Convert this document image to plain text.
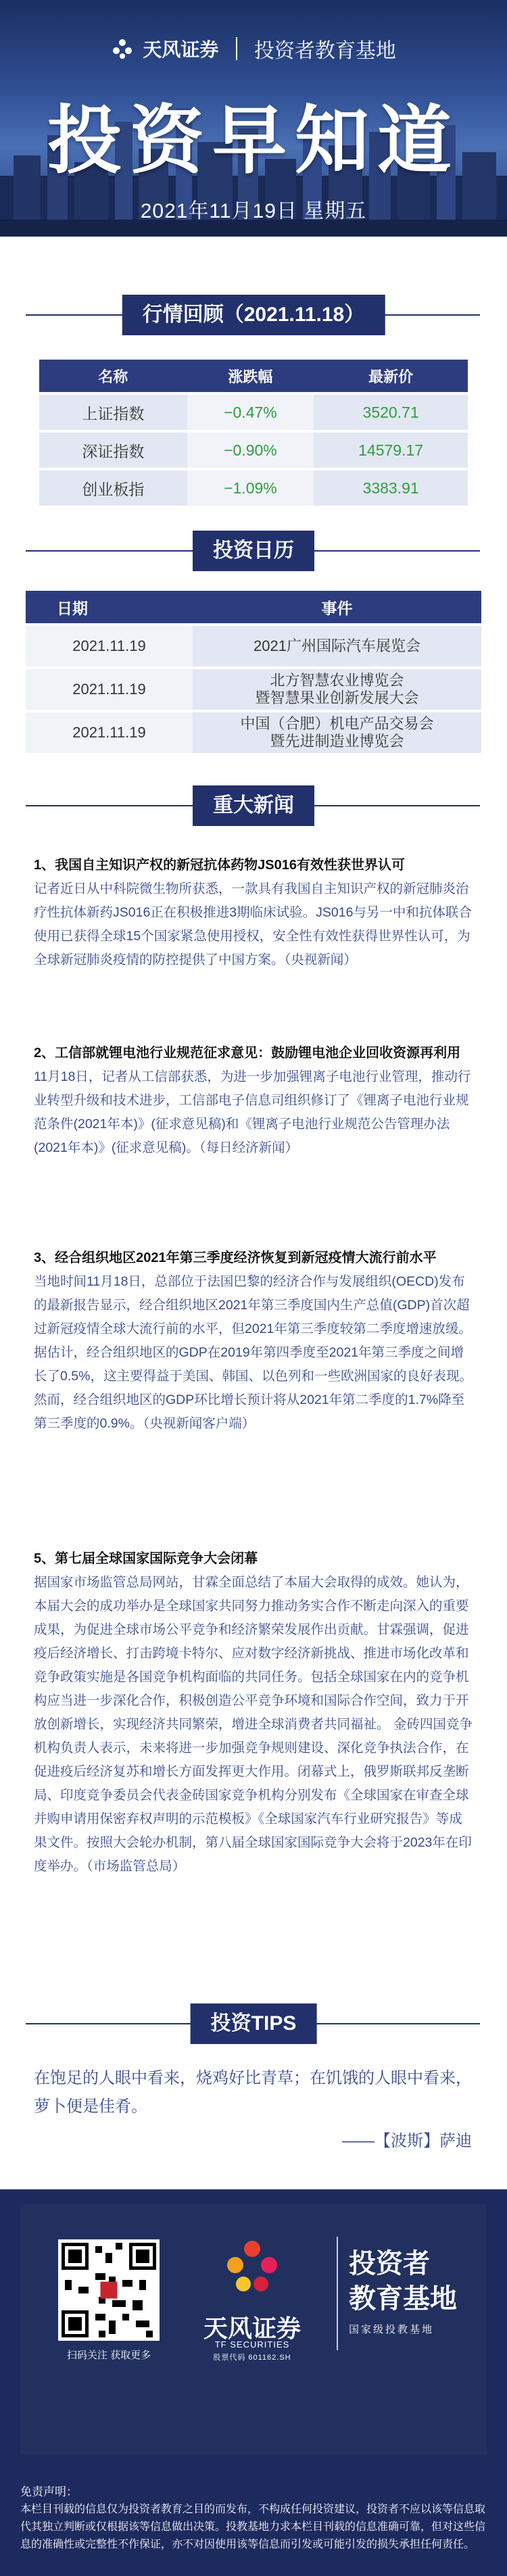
天风证券 投资者教育基地
投资早知道
2021年11月19日 星期五
行情回顾（2021.11.18）
名称	涨跌幅	最新价
上证指数	−0.47%	3520.71
深证指数	−0.90%	14579.17
创业板指	−1.09%	3383.91
投资日历
日期	事件
2021.11.19	2021广州国际汽车展览会

2021.11.19	北方智慧农业博览会
暨智慧果业创新发展大会

2021.11.19	中国（合肥）机电产品交易会
暨先进制造业博览会
重大新闻
1、我国自主知识产权的新冠抗体药物JS016有效性获世界认可

记者近日从中科院微生物所获悉，一款具有我国自主知识产权的新冠肺炎治疗性抗体新药JS016正在积极推进3期临床试验。JS016与另一中和抗体联合使用已获得全球15个国家紧急使用授权，安全性有效性获得世界性认可，为全球新冠肺炎疫情的防控提供了中国方案。（央视新闻）

2、工信部就锂电池行业规范征求意见：鼓励锂电池企业回收资源再利用

11月18日，记者从工信部获悉，为进一步加强锂离子电池行业管理，推动行业转型升级和技术进步，工信部电子信息司组织修订了《锂离子电池行业规范条件(2021年本)》(征求意见稿)和《锂离子电池行业规范公告管理办法(2021年本)》(征求意见稿)。（每日经济新闻）

3、经合组织地区2021年第三季度经济恢复到新冠疫情大流行前水平

当地时间11月18日，总部位于法国巴黎的经济合作与发展组织(OECD)发布的最新报告显示，经合组织地区2021年第三季度国内生产总值(GDP)首次超过新冠疫情全球大流行前的水平，但2021年第三季度较第二季度增速放缓。据估计，经合组织地区的GDP在2019年第四季度至2021年第三季度之间增长了0.5%，这主要得益于美国、韩国、以色列和一些欧洲国家的良好表现。然而，经合组织地区的GDP环比增长预计将从2021年第二季度的1.7%降至第三季度的0.9%。（央视新闻客户端）

5、第七届全球国家国际竞争大会闭幕

据国家市场监管总局网站，甘霖全面总结了本届大会取得的成效。她认为，本届大会的成功举办是全球国家共同努力推动务实合作不断走向深入的重要成果，为促进全球市场公平竞争和经济繁荣发展作出贡献。甘霖强调，促进疫后经济增长、打击跨境卡特尔、应对数字经济新挑战、推进市场化改革和竞争政策实施是各国竞争机构面临的共同任务。包括全球国家在内的竞争机构应当进一步深化合作，积极创造公平竞争环境和国际合作空间，致力于开放创新增长，实现经济共同繁荣，增进全球消费者共同福祉。 金砖四国竞争机构负责人表示，未来将进一步加强竞争规则建设、深化竞争执法合作，在促进疫后经济复苏和增长方面发挥更大作用。闭幕式上，俄罗斯联邦反垄断局、印度竞争委员会代表金砖国家竞争机构分别发布《全球国家在审查全球并购申请用保密弃权声明的示范模板》《全球国家汽车行业研究报告》等成果文件。按照大会轮办机制，第八届全球国家国际竞争大会将于2023年在印度举办。（市场监管总局）

投资TIPS
在饱足的人眼中看来，烧鸡好比青草；在饥饿的人眼中看来，萝卜便是佳肴。
——【波斯】萨迪
扫码关注 获取更多
天风证券
TF SECURITIES
股票代码 601162.SH
投资者
教育基地
国家级投教基地
免责声明：
本栏目刊载的信息仅为投资者教育之目的而发布，不构成任何投资建议，投资者不应以该等信息取代其独立判断或仅根据该等信息做出决策。投教基地力求本栏目刊载的信息准确可靠，但对这些信息的准确性或完整性不作保证，亦不对因使用该等信息而引发或可能引发的损失承担任何责任。
